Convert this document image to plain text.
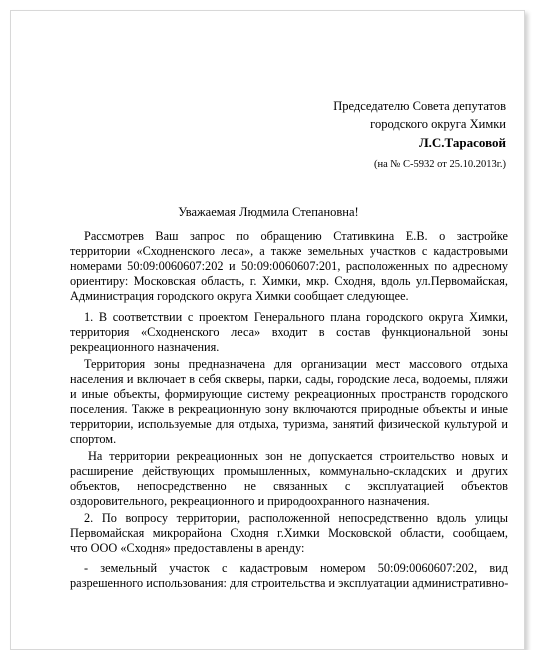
Председателю Совета депутатов
городского округа Химки
Л.С.Тарасовой
(на № С-5932 от 25.10.2013г.)
Уважаемая Людмила Степановна!
Рассмотрев Ваш запрос по обращению Стативкина Е.В. о застройке
территории «Сходненского леса», а также земельных участков с кадастровыми
номерами 50:09:0060607:202 и 50:09:0060607:201, расположенных по адресному
ориентиру: Московская область, г. Химки, мкр. Сходня, вдоль ул.Первомайская,
Администрация городского округа Химки сообщает следующее.
1. В соответствии с проектом Генерального плана городского округа Химки,
территория «Сходненского леса» входит в состав функциональной зоны
рекреационного назначения.
Территория зоны предназначена для организации мест массового отдыха
населения и включает в себя скверы, парки, сады, городские леса, водоемы, пляжи
и иные объекты, формирующие систему рекреационных пространств городского
поселения. Также в рекреационную зону включаются природные объекты и иные
территории, используемые для отдыха, туризма, занятий физической культурой и
спортом.
На территории рекреационных зон не допускается строительство новых и
расширение действующих промышленных, коммунально-складских и других
объектов, непосредственно не связанных с эксплуатацией объектов
оздоровительного, рекреационного и природоохранного назначения.
2. По вопросу территории, расположенной непосредственно вдоль улицы
Первомайская микрорайона Сходня г.Химки Московской области, сообщаем,
что ООО «Сходня» предоставлены в аренду:
- земельный участок с кадастровым номером 50:09:0060607:202, вид
разрешенного использования: для строительства и эксплуатации административно-
